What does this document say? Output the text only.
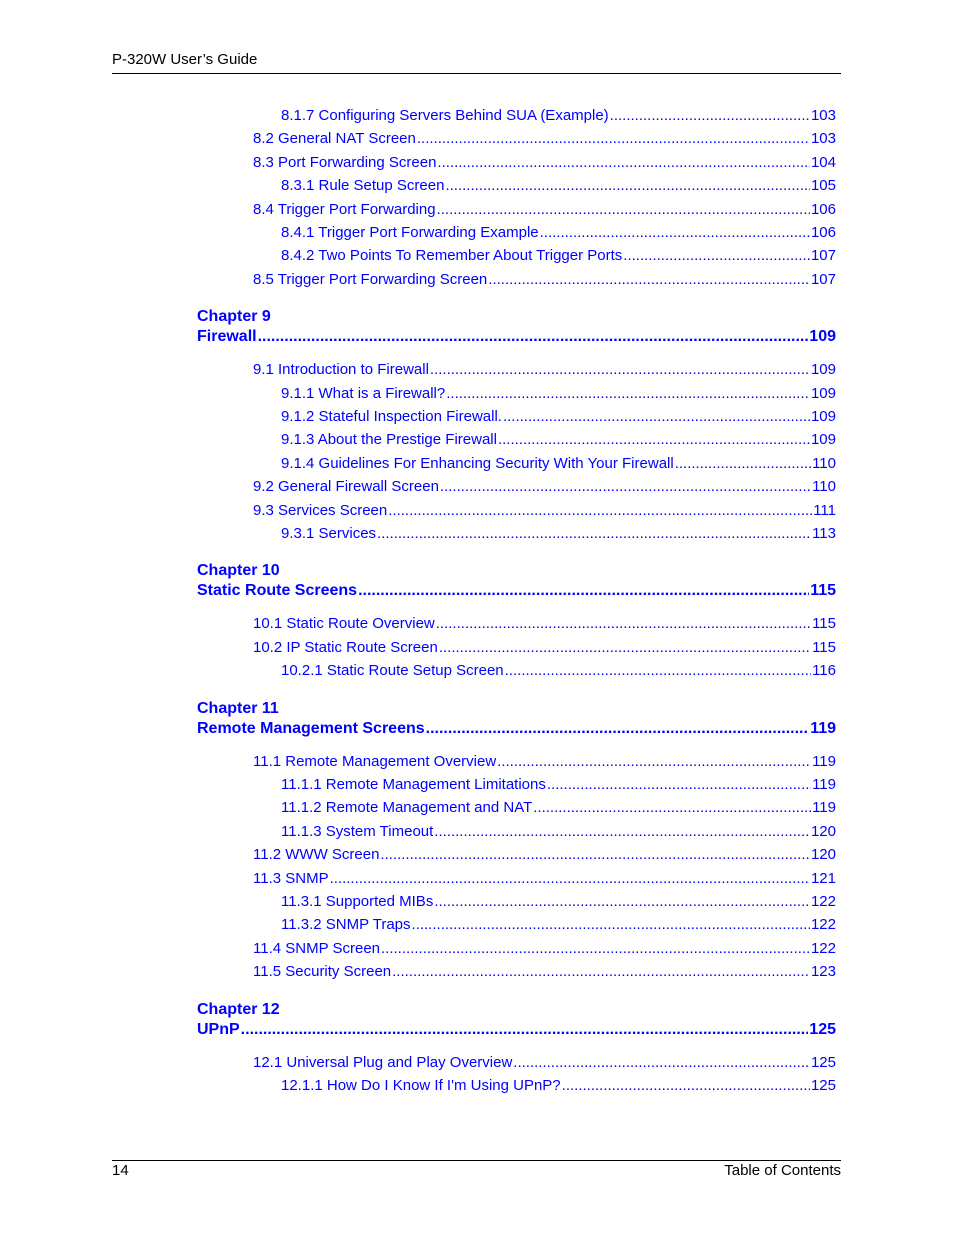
P-320W User’s Guide
8.1.7 Configuring Servers Behind SUA (Example) .....	103
8.2 General NAT Screen .....	103
8.3 Port Forwarding Screen .....	104
8.3.1 Rule Setup Screen .....	105
8.4 Trigger Port Forwarding .....	106
8.4.1 Trigger Port Forwarding Example .....	106
8.4.2 Two Points To Remember About Trigger Ports .....	107
8.5 Trigger Port Forwarding Screen .....	107
Chapter 9
Firewall .....	109
9.1 Introduction to Firewall .....	109
9.1.1 What is a Firewall? .....	109
9.1.2 Stateful Inspection Firewall. .....	109
9.1.3 About the Prestige Firewall .....	109
9.1.4 Guidelines For Enhancing Security With Your Firewall .....	110
9.2 General Firewall Screen .....	110
9.3 Services Screen .....	111
9.3.1 Services .....	113
Chapter 10
Static Route Screens .....	115
10.1 Static Route Overview .....	115
10.2 IP Static Route Screen .....	115
10.2.1 Static Route Setup Screen .....	116
Chapter 11
Remote Management Screens .....	119
11.1 Remote Management Overview .....	119
11.1.1 Remote Management Limitations .....	119
11.1.2 Remote Management and NAT .....	119
11.1.3 System Timeout .....	120
11.2 WWW Screen .....	120
11.3 SNMP .....	121
11.3.1 Supported MIBs .....	122
11.3.2 SNMP Traps .....	122
11.4 SNMP Screen .....	122
11.5 Security Screen .....	123
Chapter 12
UPnP .....	125
12.1 Universal Plug and Play Overview .....	125
12.1.1 How Do I Know If I'm Using UPnP? .....	125
14	Table of Contents
